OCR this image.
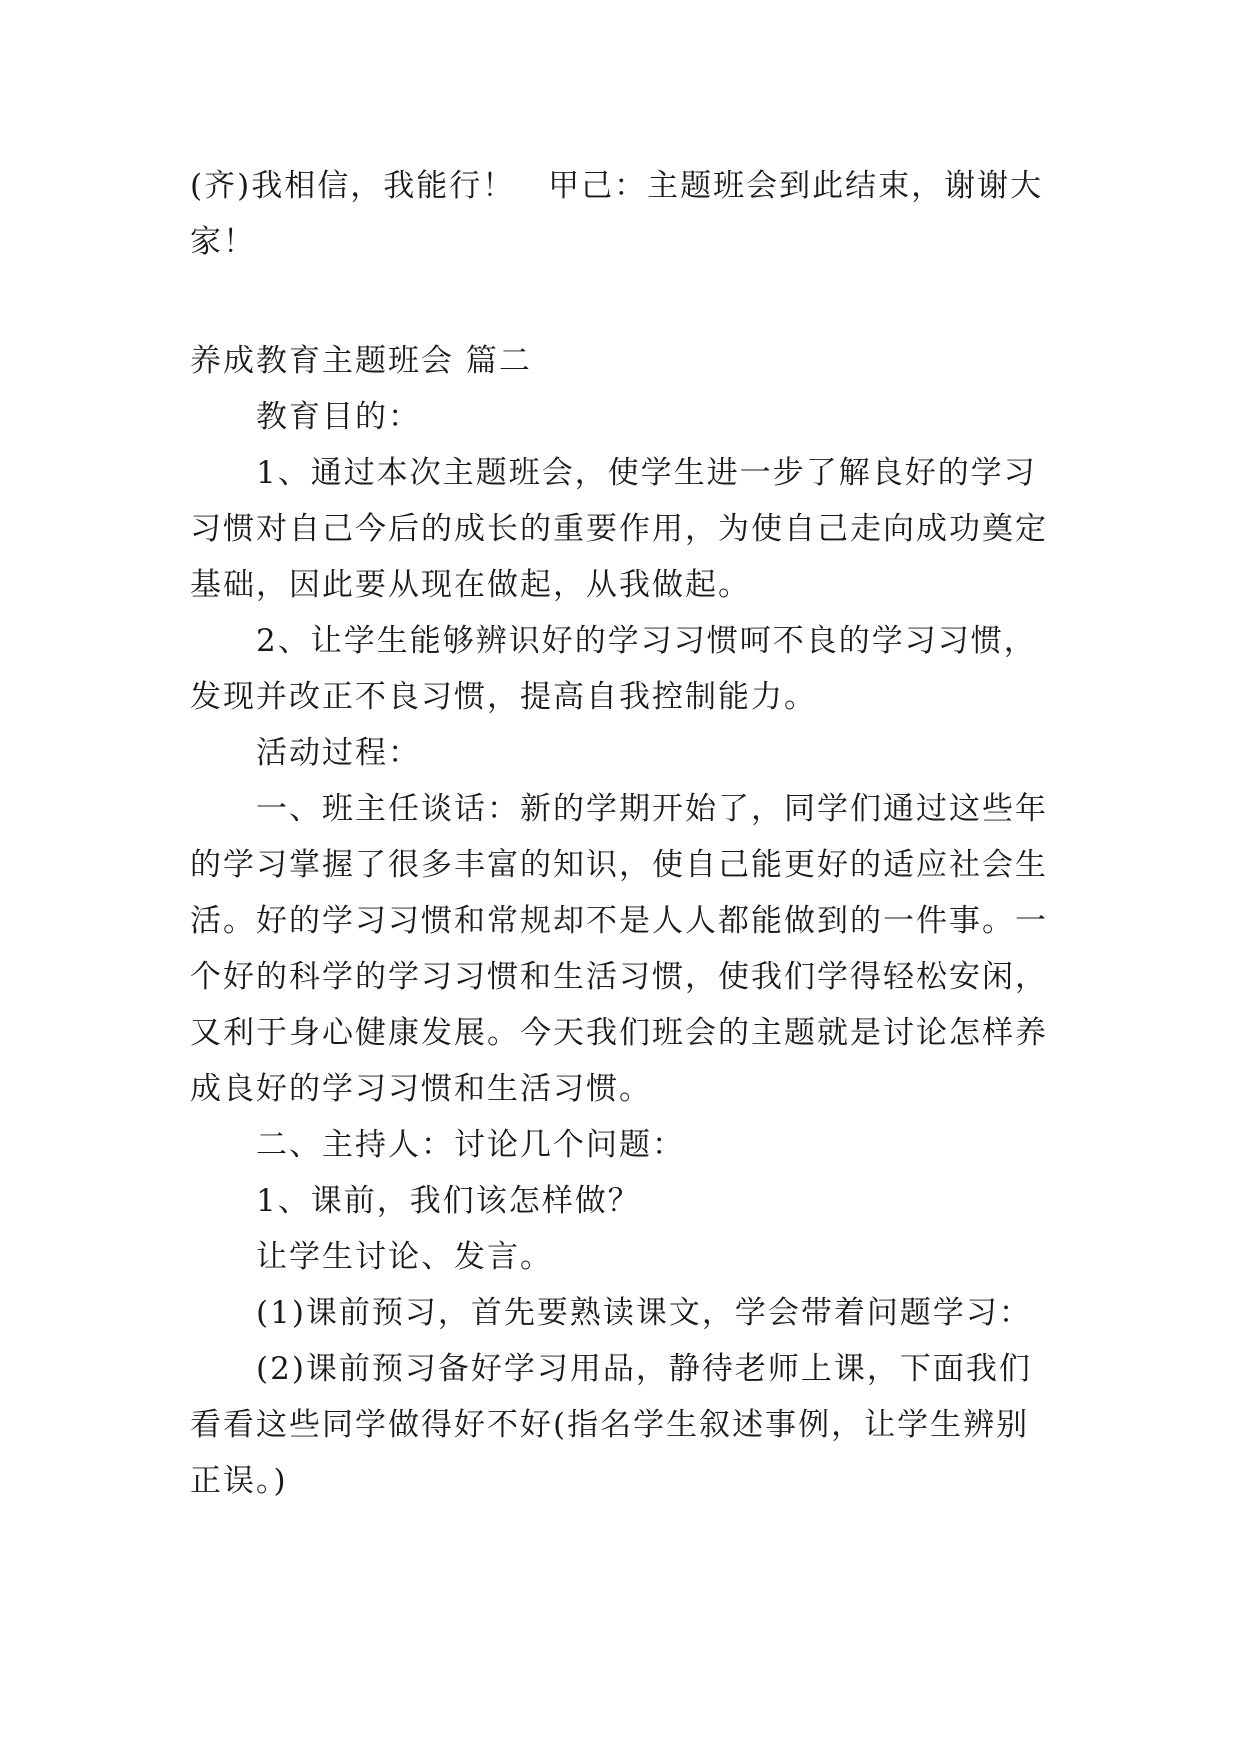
(齐)我相信，我能行！　甲己：主题班会到此结束，谢谢大家！

养成教育主题班会 篇二

教育目的：

1、通过本次主题班会，使学生进一步了解良好的学习习惯对自己今后的成长的重要作用，为使自己走向成功奠定基础，因此要从现在做起，从我做起。

2、让学生能够辨识好的学习习惯呵不良的学习习惯，发现并改正不良习惯，提高自我控制能力。

活动过程：

一、班主任谈话：新的学期开始了，同学们通过这些年的学习掌握了很多丰富的知识，使自己能更好的适应社会生活。好的学习习惯和常规却不是人人都能做到的一件事。一个好的科学的学习习惯和生活习惯，使我们学得轻松安闲，又利于身心健康发展。今天我们班会的主题就是讨论怎样养成良好的学习习惯和生活习惯。

二、主持人：讨论几个问题：

1、课前，我们该怎样做？

让学生讨论、发言。

(1)课前预习，首先要熟读课文，学会带着问题学习：

(2)课前预习备好学习用品，静待老师上课，下面我们看看这些同学做得好不好(指名学生叙述事例，让学生辨别正误。)
